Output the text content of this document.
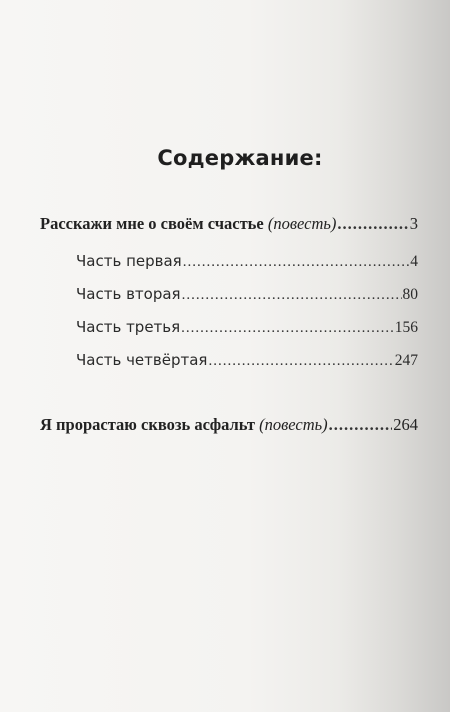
Содержание:
Расскажи мне о своём счастье (повесть) .....	3
Часть первая .....	4
Часть вторая .....	80
Часть третья .....	156
Часть четвёртая .....	247
Я прорастаю сквозь асфальт (повесть) .....	264
